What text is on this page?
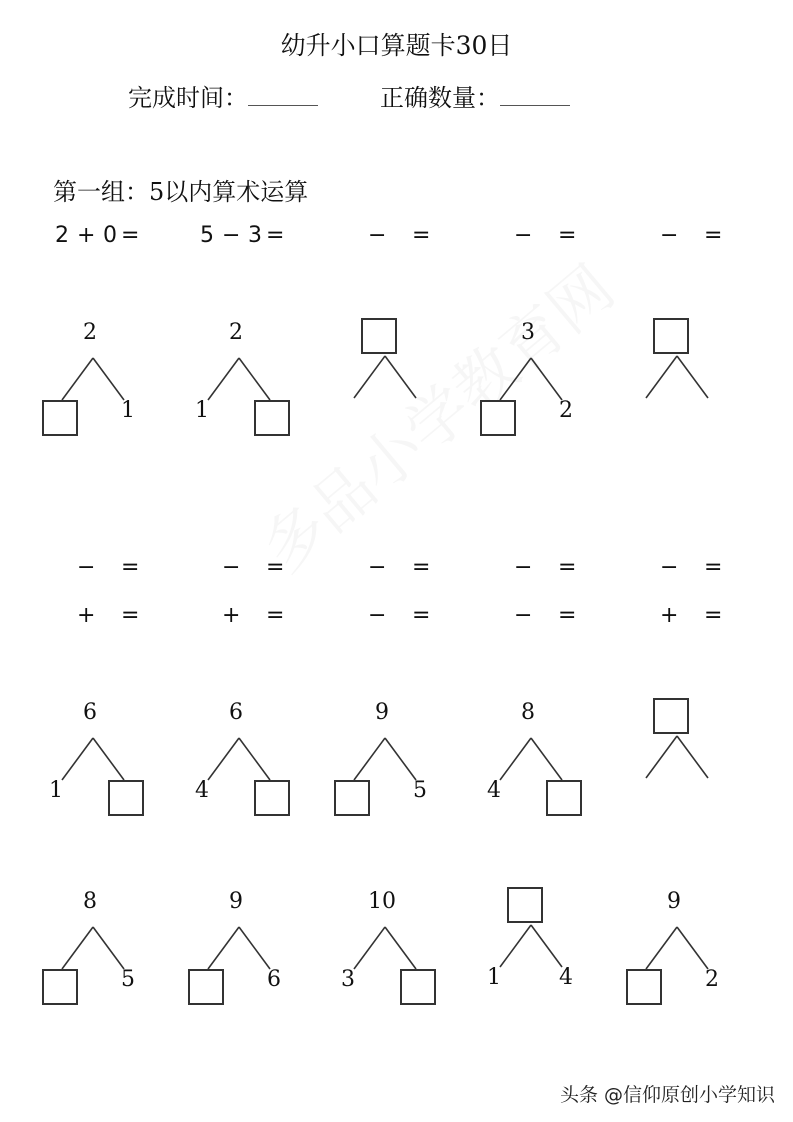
幼升小口算题卡30日
完成时间：	正确数量：
第一组：5以内算术运算
2 + 0 =	5 − 3 =	− =	− =	− =
− =	− =	− =	− =	− =
+ =	+ =	− =	− =	+ =
2
1
2
1
3
2
6
1
6
4
9
5
8
4
8
5
9
6
10
3	1	4
9
2
头条 @信仰原创小学知识
